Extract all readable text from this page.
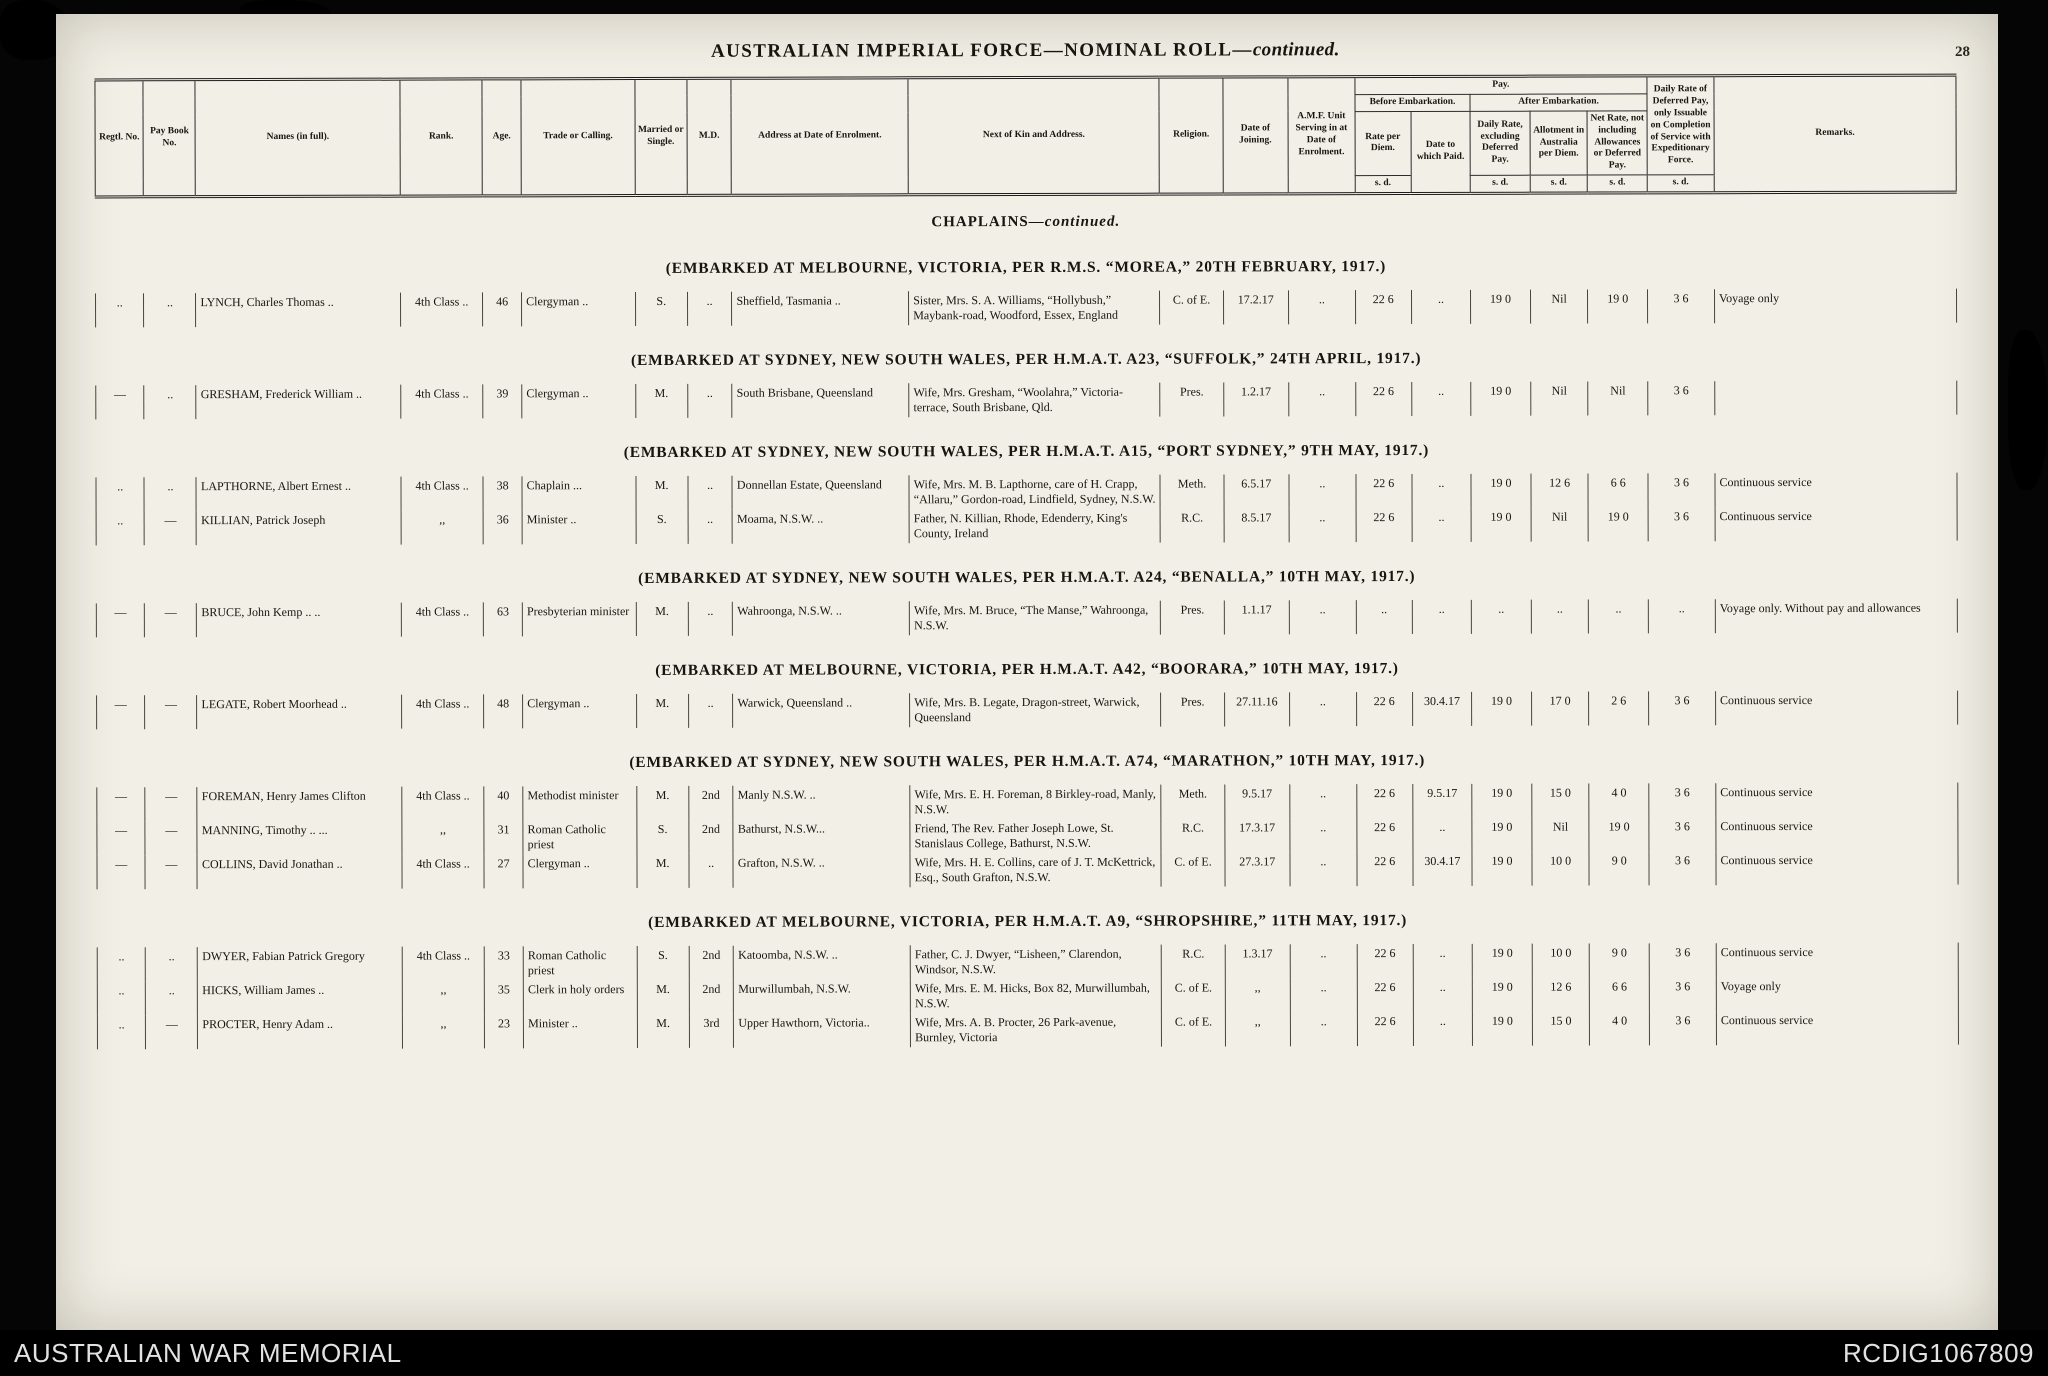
28
AUSTRALIAN IMPERIAL FORCE—NOMINAL ROLL—continued.
Regtl. No.	Pay Book No.	Names (in full).	Rank.	Age.	Trade or Calling.	Married or Single.	M.D.	Address at Date of Enrolment.	Next of Kin and Address.	Religion.	Date of Joining.	A.M.F. Unit Serving in at Date of Enrolment.	Pay.					Daily Rate of Deferred Pay, only Issuable on Completion of Service with Expeditionary Force.	Remarks.
													Before Embarkation.		After Embarkation.				
													Rate per Diem.	Date to which Paid.	Daily Rate, excluding Deferred Pay.	Allotment in Australia per Diem.	Net Rate, not including Allowances or Deferred Pay.		
													s. d.		s. d.	s. d.	s. d.	s. d.	
CHAPLAINS—continued.																			
(EMBARKED AT MELBOURNE, VICTORIA, PER R.M.S. “MOREA,” 20TH FEBRUARY, 1917.)																			
..	..	LYNCH, Charles Thomas ..	4th Class ..	46	Clergyman ..	S.	..	Sheffield, Tasmania ..	Sister, Mrs. S. A. Williams, “Hollybush,” Maybank-road, Woodford, Essex, England	C. of E.	17.2.17	..	22 6	..	19 0	Nil	19 0	3 6	Voyage only
(EMBARKED AT SYDNEY, NEW SOUTH WALES, PER H.M.A.T. A23, “SUFFOLK,” 24TH APRIL, 1917.)																			
—	..	GRESHAM, Frederick William ..	4th Class ..	39	Clergyman ..	M.	..	South Brisbane, Queensland	Wife, Mrs. Gresham, “Woolahra,” Victoria-terrace, South Brisbane, Qld.	Pres.	1.2.17	..	22 6	..	19 0	Nil	Nil	3 6	
(EMBARKED AT SYDNEY, NEW SOUTH WALES, PER H.M.A.T. A15, “PORT SYDNEY,” 9TH MAY, 1917.)																			
..	..	LAPTHORNE, Albert Ernest ..	4th Class ..	38	Chaplain ...	M.	..	Donnellan Estate, Queensland	Wife, Mrs. M. B. Lapthorne, care of H. Crapp, “Allaru,” Gordon-road, Lindfield, Sydney, N.S.W.	Meth.	6.5.17	..	22 6	..	19 0	12 6	6 6	3 6	Continuous service
..	—	KILLIAN, Patrick Joseph	,,	36	Minister ..	S.	..	Moama, N.S.W. ..	Father, N. Killian, Rhode, Edenderry, King's County, Ireland	R.C.	8.5.17	..	22 6	..	19 0	Nil	19 0	3 6	Continuous service
(EMBARKED AT SYDNEY, NEW SOUTH WALES, PER H.M.A.T. A24, “BENALLA,” 10TH MAY, 1917.)																			
—	—	BRUCE, John Kemp .. ..	4th Class ..	63	Presbyterian minister	M.	..	Wahroonga, N.S.W. ..	Wife, Mrs. M. Bruce, “The Manse,” Wahroonga, N.S.W.	Pres.	1.1.17	..	..	..	..	..	..	..	Voyage only. Without pay and allowances
(EMBARKED AT MELBOURNE, VICTORIA, PER H.M.A.T. A42, “BOORARA,” 10TH MAY, 1917.)																			
—	—	LEGATE, Robert Moorhead ..	4th Class ..	48	Clergyman ..	M.	..	Warwick, Queensland ..	Wife, Mrs. B. Legate, Dragon-street, Warwick, Queensland	Pres.	27.11.16	..	22 6	30.4.17	19 0	17 0	2 6	3 6	Continuous service
(EMBARKED AT SYDNEY, NEW SOUTH WALES, PER H.M.A.T. A74, “MARATHON,” 10TH MAY, 1917.)																			
—	—	FOREMAN, Henry James Clifton	4th Class ..	40	Methodist minister	M.	2nd	Manly N.S.W. ..	Wife, Mrs. E. H. Foreman, 8 Birkley-road, Manly, N.S.W.	Meth.	9.5.17	..	22 6	9.5.17	19 0	15 0	4 0	3 6	Continuous service
—	—	MANNING, Timothy .. ...	,,	31	Roman Catholic priest	S.	2nd	Bathurst, N.S.W...	Friend, The Rev. Father Joseph Lowe, St. Stanislaus College, Bathurst, N.S.W.	R.C.	17.3.17	..	22 6	..	19 0	Nil	19 0	3 6	Continuous service
—	—	COLLINS, David Jonathan ..	4th Class ..	27	Clergyman ..	M.	..	Grafton, N.S.W. ..	Wife, Mrs. H. E. Collins, care of J. T. McKettrick, Esq., South Grafton, N.S.W.	C. of E.	27.3.17	..	22 6	30.4.17	19 0	10 0	9 0	3 6	Continuous service
(EMBARKED AT MELBOURNE, VICTORIA, PER H.M.A.T. A9, “SHROPSHIRE,” 11TH MAY, 1917.)																			
..	..	DWYER, Fabian Patrick Gregory	4th Class ..	33	Roman Catholic priest	S.	2nd	Katoomba, N.S.W. ..	Father, C. J. Dwyer, “Lisheen,” Clarendon, Windsor, N.S.W.	R.C.	1.3.17	..	22 6	..	19 0	10 0	9 0	3 6	Continuous service
..	..	HICKS, William James ..	,,	35	Clerk in holy orders	M.	2nd	Murwillumbah, N.S.W.	Wife, Mrs. E. M. Hicks, Box 82, Murwillumbah, N.S.W.	C. of E.	,,	..	22 6	..	19 0	12 6	6 6	3 6	Voyage only
..	—	PROCTER, Henry Adam ..	,,	23	Minister ..	M.	3rd	Upper Hawthorn, Victoria..	Wife, Mrs. A. B. Procter, 26 Park-avenue, Burnley, Victoria	C. of E.	,,	..	22 6	..	19 0	15 0	4 0	3 6	Continuous service
AUSTRALIAN WAR MEMORIAL	RCDIG1067809
